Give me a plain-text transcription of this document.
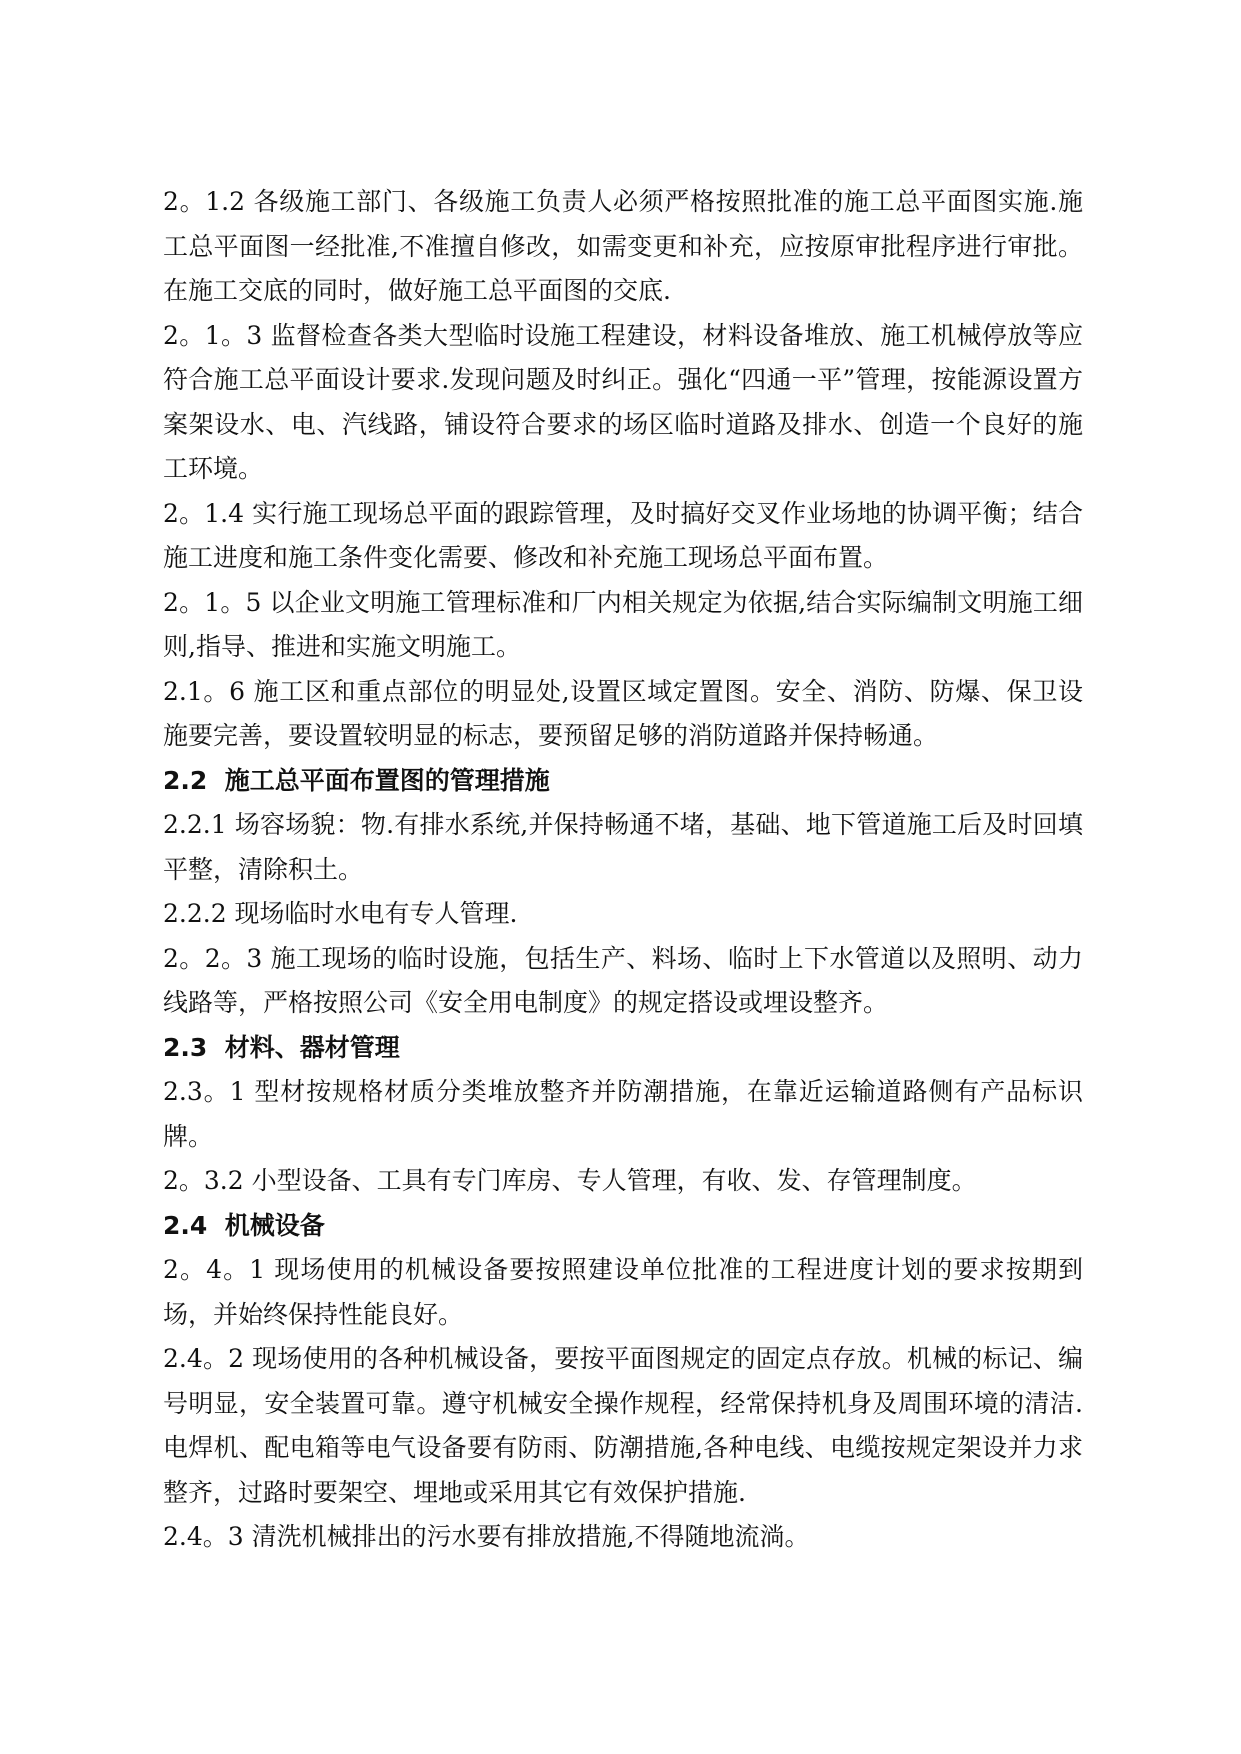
2。1.2 各级施工部门、各级施工负责人必须严格按照批准的施工总平面图实施.施工总平面图一经批准,不准擅自修改，如需变更和补充，应按原审批程序进行审批。在施工交底的同时，做好施工总平面图的交底.

2。1。3 监督检查各类大型临时设施工程建设，材料设备堆放、施工机械停放等应符合施工总平面设计要求.发现问题及时纠正。强化“四通一平”管理，按能源设置方案架设水、电、汽线路，铺设符合要求的场区临时道路及排水、创造一个良好的施工环境。

2。1.4 实行施工现场总平面的跟踪管理，及时搞好交叉作业场地的协调平衡；结合施工进度和施工条件变化需要、修改和补充施工现场总平面布置。

2。1。5 以企业文明施工管理标准和厂内相关规定为依据,结合实际编制文明施工细则,指导、推进和实施文明施工。

2.1。6 施工区和重点部位的明显处,设置区域定置图。安全、消防、防爆、保卫设施要完善，要设置较明显的标志，要预留足够的消防道路并保持畅通。

2.2  施工总平面布置图的管理措施

2.2.1 场容场貌：物.有排水系统,并保持畅通不堵，基础、地下管道施工后及时回填平整，清除积土。

2.2.2 现场临时水电有专人管理.

2。2。3 施工现场的临时设施，包括生产、料场、临时上下水管道以及照明、动力线路等，严格按照公司《安全用电制度》的规定搭设或埋设整齐。

2.3  材料、器材管理

2.3。1 型材按规格材质分类堆放整齐并防潮措施，在靠近运输道路侧有产品标识牌。

2。3.2 小型设备、工具有专门库房、专人管理，有收、发、存管理制度。

2.4  机械设备

2。4。1 现场使用的机械设备要按照建设单位批准的工程进度计划的要求按期到场，并始终保持性能良好。

2.4。2 现场使用的各种机械设备，要按平面图规定的固定点存放。机械的标记、编号明显，安全装置可靠。遵守机械安全操作规程，经常保持机身及周围环境的清洁.电焊机、配电箱等电气设备要有防雨、防潮措施,各种电线、电缆按规定架设并力求整齐，过路时要架空、埋地或采用其它有效保护措施.

2.4。3 清洗机械排出的污水要有排放措施,不得随地流淌。
